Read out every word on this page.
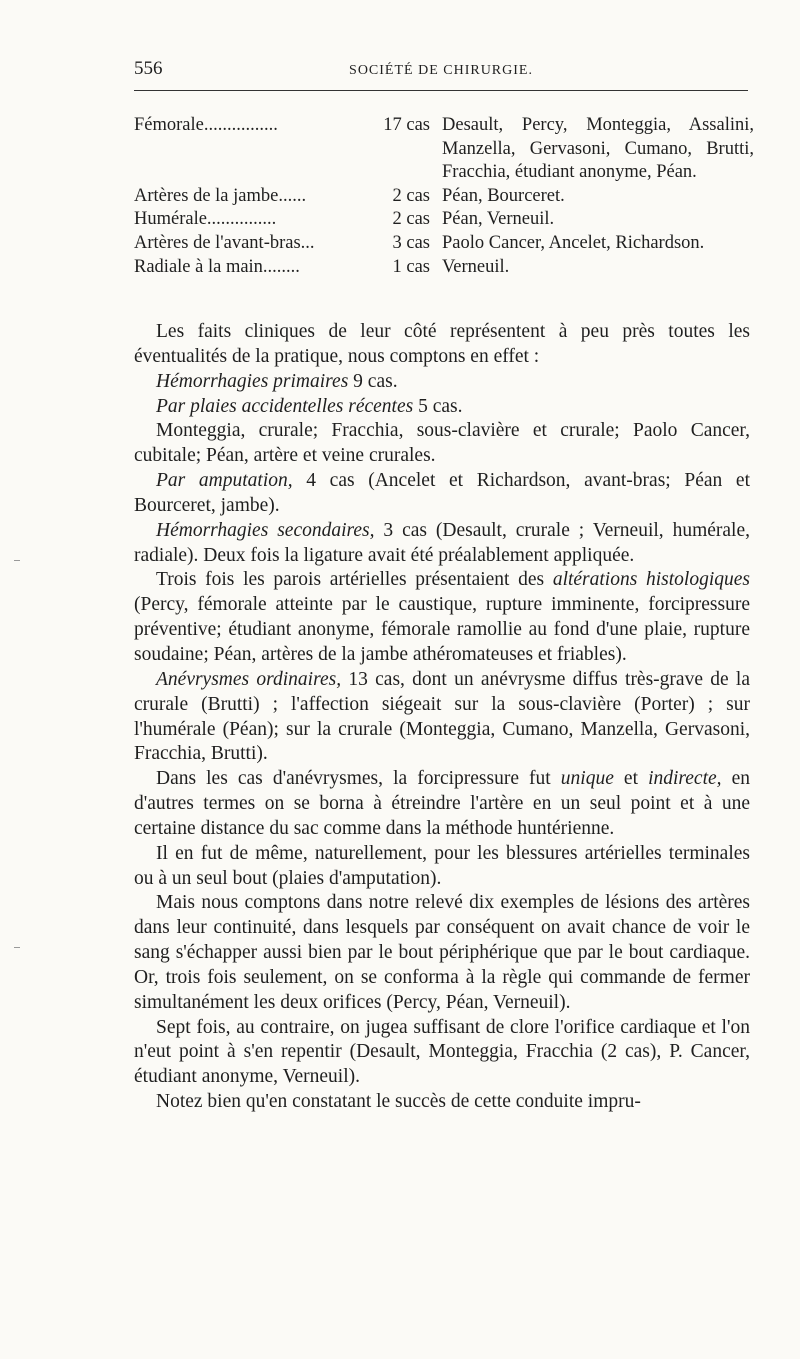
556	SOCIÉTÉ DE CHIRURGIE.
Fémorale................	17 cas Desault, Percy, Monteggia, Assalini, Manzella, Gervasoni, Cumano, Brutti, Fracchia, étudiant anonyme, Péan.
Artères de la jambe......	2 cas Péan, Bourceret.
Humérale...............	2 cas Péan, Verneuil.
Artères de l'avant-bras...	3 cas Paolo Cancer, Ancelet, Richardson.
Radiale à la main........	1 cas Verneuil.

Les faits cliniques de leur côté représentent à peu près toutes les éventualités de la pratique, nous comptons en effet :

Hémorrhagies primaires 9 cas.

Par plaies accidentelles récentes 5 cas.

Monteggia, crurale; Fracchia, sous-clavière et crurale; Paolo Cancer, cubitale; Péan, artère et veine crurales.

Par amputation, 4 cas (Ancelet et Richardson, avant-bras; Péan et Bourceret, jambe).

Hémorrhagies secondaires, 3 cas (Desault, crurale ; Verneuil, humérale, radiale). Deux fois la ligature avait été préalablement appliquée.

Trois fois les parois artérielles présentaient des altérations histologiques (Percy, fémorale atteinte par le caustique, rupture imminente, forcipressure préventive; étudiant anonyme, fémorale ramollie au fond d'une plaie, rupture soudaine; Péan, artères de la jambe athéromateuses et friables).

Anévrysmes ordinaires, 13 cas, dont un anévrysme diffus très-grave de la crurale (Brutti) ; l'affection siégeait sur la sous-clavière (Porter) ; sur l'humérale (Péan); sur la crurale (Monteggia, Cumano, Manzella, Gervasoni, Fracchia, Brutti).

Dans les cas d'anévrysmes, la forcipressure fut unique et indirecte, en d'autres termes on se borna à étreindre l'artère en un seul point et à une certaine distance du sac comme dans la méthode huntérienne.

Il en fut de même, naturellement, pour les blessures artérielles terminales ou à un seul bout (plaies d'amputation).

Mais nous comptons dans notre relevé dix exemples de lésions des artères dans leur continuité, dans lesquels par conséquent on avait chance de voir le sang s'échapper aussi bien par le bout périphérique que par le bout cardiaque. Or, trois fois seulement, on se conforma à la règle qui commande de fermer simultanément les deux orifices (Percy, Péan, Verneuil).

Sept fois, au contraire, on jugea suffisant de clore l'orifice cardiaque et l'on n'eut point à s'en repentir (Desault, Monteggia, Fracchia (2 cas), P. Cancer, étudiant anonyme, Verneuil).

Notez bien qu'en constatant le succès de cette conduite impru-
